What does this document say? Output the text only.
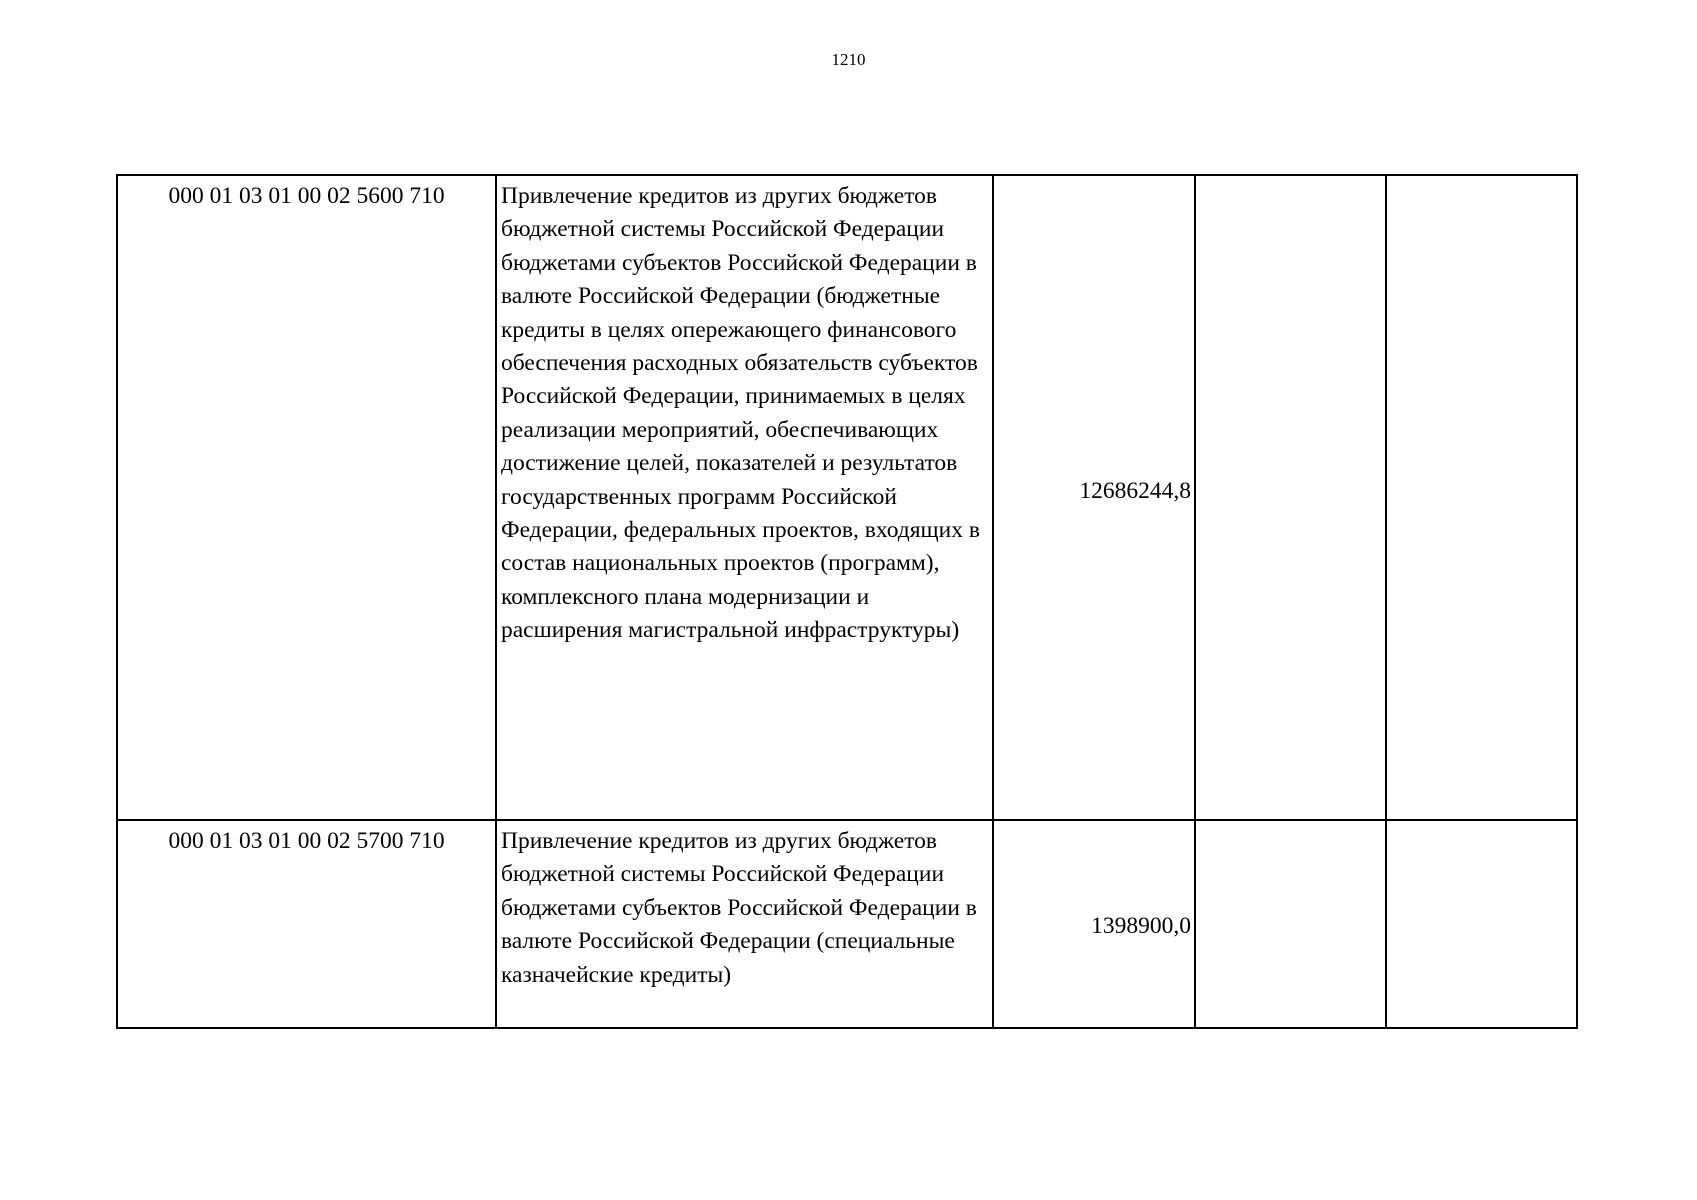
1210
000 01 03 01 00 02 5600 710	Привлечение кредитов из других бюджетов бюджетной системы Российской Федерации бюджетами субъектов Российской Федерации в валюте Российской Федерации (бюджетные кредиты в целях опережающего финансового обеспечения расходных обязательств субъектов Российской Федерации, принимаемых в целях реализации мероприятий, обеспечивающих достижение целей, показателей и результатов государственных программ Российской Федерации, федеральных проектов, входящих в состав национальных проектов (программ), комплексного плана модернизации и расширения магистральной инфраструктуры)	12686244,8		
000 01 03 01 00 02 5700 710	Привлечение кредитов из других бюджетов бюджетной системы Российской Федерации бюджетами субъектов Российской Федерации в валюте Российской Федерации (специальные казначейские кредиты)	1398900,0		
